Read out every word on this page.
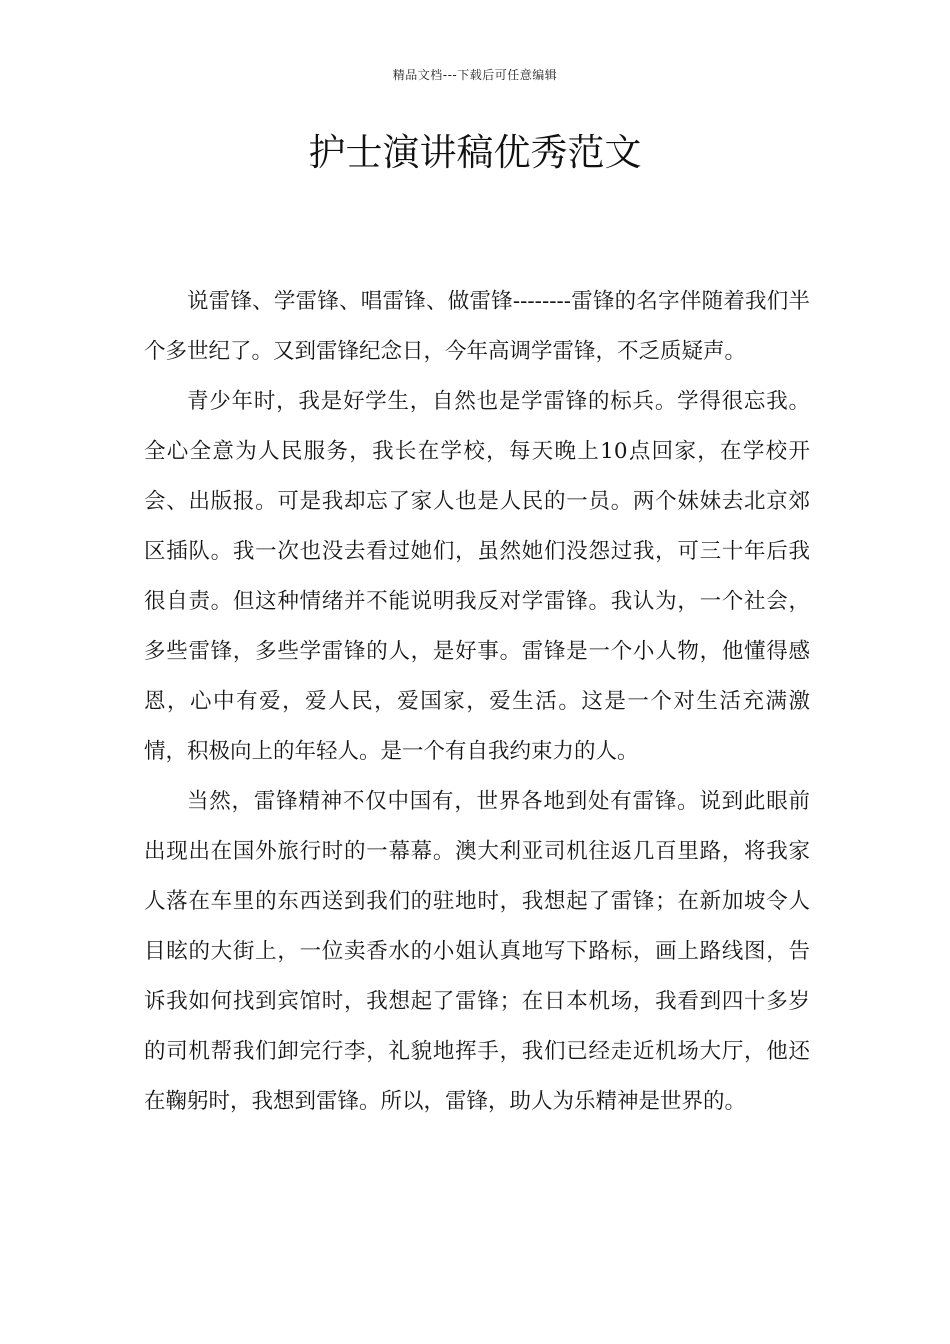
精品文档---下载后可任意编辑
护士演讲稿优秀范文

说雷锋、学雷锋、唱雷锋、做雷锋--------雷锋的名字伴随着我们半个多世纪了。又到雷锋纪念日，今年高调学雷锋，不乏质疑声。

青少年时，我是好学生，自然也是学雷锋的标兵。学得很忘我。全心全意为人民服务，我长在学校，每天晚上10点回家，在学校开会、出版报。可是我却忘了家人也是人民的一员。两个妹妹去北京郊区插队。我一次也没去看过她们，虽然她们没怨过我，可三十年后我很自责。但这种情绪并不能说明我反对学雷锋。我认为，一个社会，多些雷锋，多些学雷锋的人，是好事。雷锋是一个小人物，他懂得感恩，心中有爱，爱人民，爱国家，爱生活。这是一个对生活充满激情，积极向上的年轻人。是一个有自我约束力的人。

当然，雷锋精神不仅中国有，世界各地到处有雷锋。说到此眼前出现出在国外旅行时的一幕幕。澳大利亚司机往返几百里路，将我家人落在车里的东西送到我们的驻地时，我想起了雷锋；在新加坡令人目眩的大街上，一位卖香水的小姐认真地写下路标，画上路线图，告诉我如何找到宾馆时，我想起了雷锋；在日本机场，我看到四十多岁的司机帮我们卸完行李，礼貌地挥手，我们已经走近机场大厅，他还在鞠躬时，我想到雷锋。所以，雷锋，助人为乐精神是世界的。
